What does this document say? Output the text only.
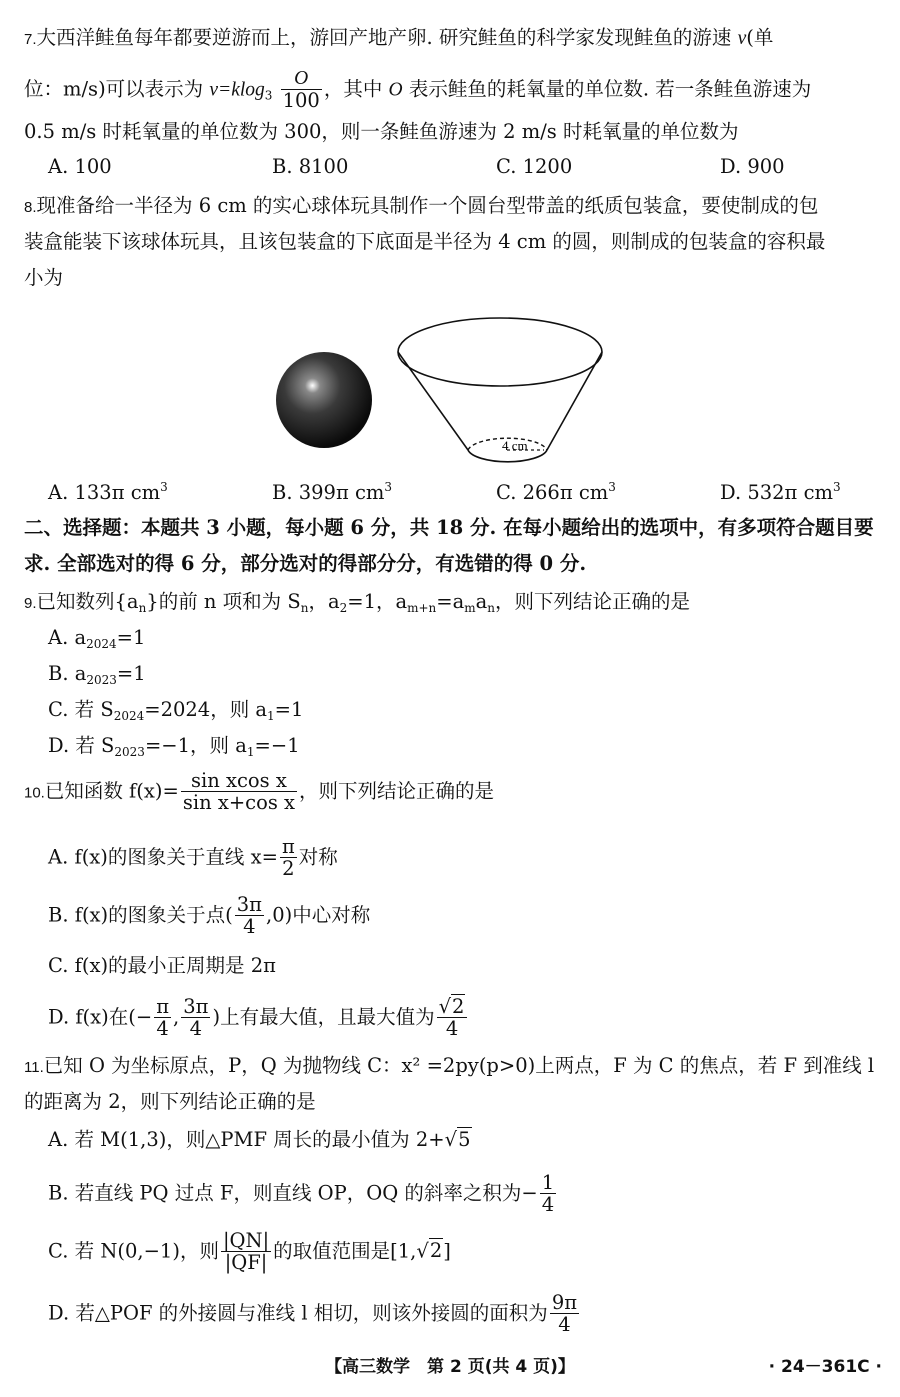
7.大西洋鲑鱼每年都要逆游而上，游回产地产卵. 研究鲑鱼的科学家发现鲑鱼的游速 v(单
位：m/s)可以表示为 $v=klog_3 \frac{O}{100}$ ，其中 O 表示鲑鱼的耗氧量的单位数. 若一条鲑鱼游速为
0.5 m/s 时耗氧量的单位数为 300，则一条鲑鱼游速为 2 m/s 时耗氧量的单位数为
A. 100	B. 8100	C. 1200	D. 900
8.现准备给一半径为 6 cm 的实心球体玩具制作一个圆台型带盖的纸质包装盒，要使制成的包
装盒能装下该球体玩具，且该包装盒的下底面是半径为 4 cm 的圆，则制成的包装盒的容积最
小为
4 cm
A. 133π $cm^3$	B. 399π $cm^3$	C. 266π $cm^3$	D. 532π $cm^3$
二、选择题：本题共 3 小题，每小题 6 分，共 18 分. 在每小题给出的选项中，有多项符合题目要
求. 全部选对的得 6 分，部分选对的得部分分，有选错的得 0 分.
9.已知数列$\{a_n\}$的前 n 项和为 $S_n$，$a_2=1$，$a_{m+n}=a_ma_n$，则下列结论正确的是
A. $a_{2024}=1$
B. $a_{2023}=1$
C. 若 $S_{2024}=2024$，则 $a_1=1$
D. 若 $S_{2023}=-1$，则 $a_1=-1$
10.已知函数 $f(x)= \frac{\text{sin xcos x}}{\text{sin x+cos x}}$ ，则下列结论正确的是
A. f(x)的图象关于直线 $x= \frac{\pi}{2}$ 对称
B. f(x)的图象关于点( $\frac{3\pi}{4} ,0$)中心对称
C. f(x)的最小正周期是 2π
D. f(x)在(− $\frac{\pi}{4}$ , $\frac{3\pi}{4}$ )上有最大值，且最大值为 $\frac{√2}{4}$
11.已知 O 为坐标原点，P，Q 为抛物线 C：x² =2py(p>0)上两点，F 为 C 的焦点，若 F 到准线 l
的距离为 2，则下列结论正确的是
A. 若 M(1,3)，则△PMF 周长的最小值为 2+√5
B. 若直线 PQ 过点 F，则直线 OP，OQ 的斜率之积为− $\frac{1}{4}$
C. 若 N(0,−1)，则 $\frac{|QN|}{|QF|}$ 的取值范围是[1,√2]
D. 若△POF 的外接圆与准线 l 相切，则该外接圆的面积为 $\frac{9\pi}{4}$
【高三数学　第 2 页(共 4 页)】	· 24－361C ·
